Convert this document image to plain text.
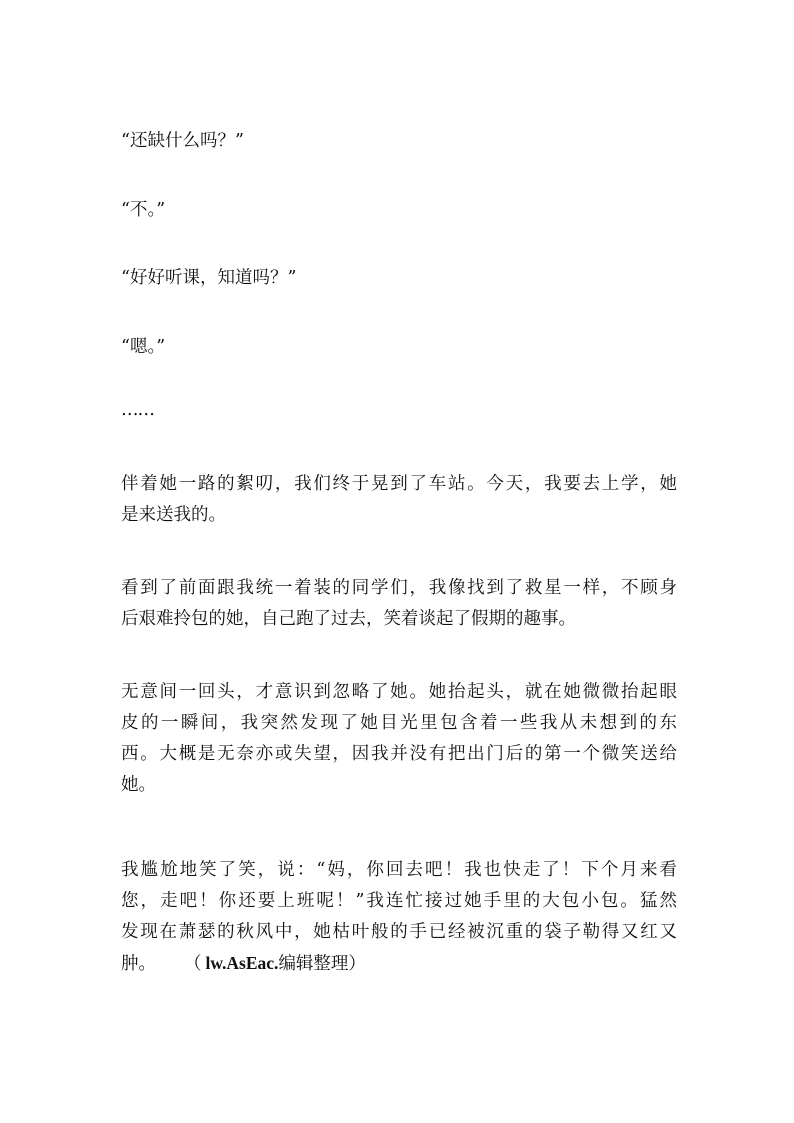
“还缺什么吗？”
“不。”
“好好听课，知道吗？”
“嗯。”
……
伴着她一路的絮叨，我们终于晃到了车站。今天，我要去上学，她
是来送我的。
看到了前面跟我统一着装的同学们，我像找到了救星一样，不顾身
后艰难拎包的她，自己跑了过去，笑着谈起了假期的趣事。
无意间一回头，才意识到忽略了她。她抬起头，就在她微微抬起眼
皮的一瞬间，我突然发现了她目光里包含着一些我从未想到的东
西。大概是无奈亦或失望，因我并没有把出门后的第一个微笑送给
她。
我尴尬地笑了笑，说：“妈，你回去吧！我也快走了！下个月来看
您，走吧！你还要上班呢！”我连忙接过她手里的大包小包。猛然
发现在萧瑟的秋风中，她枯叶般的手已经被沉重的袋子勒得又红又
肿。 （ lw.AsEac.编辑整理）
